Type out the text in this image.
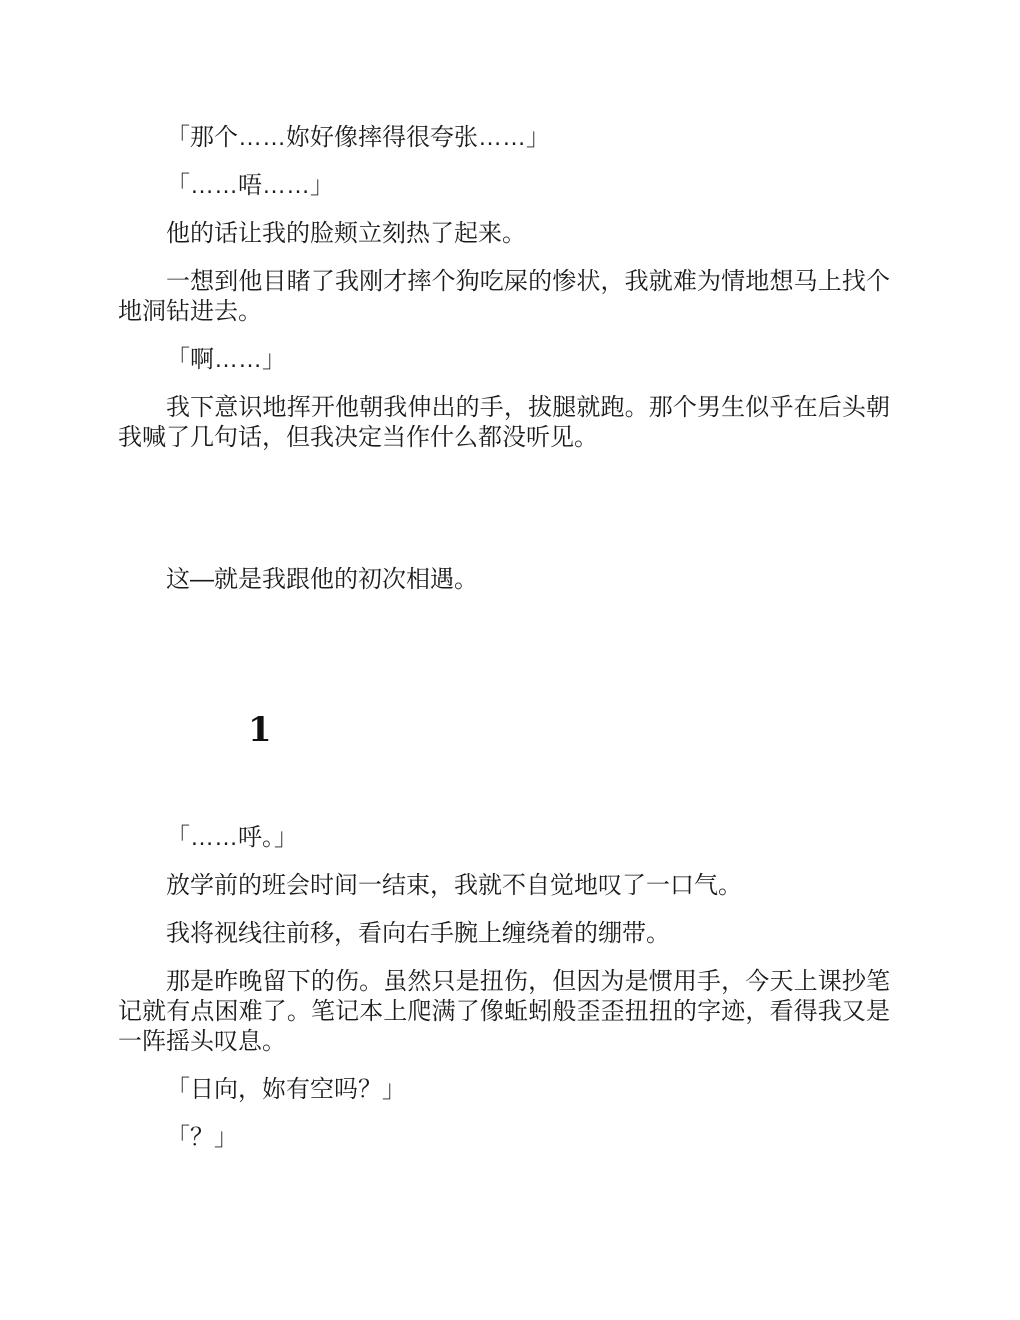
「那个……妳好像摔得很夸张……」

「……唔……」

他的话让我的脸颊立刻热了起来。

一想到他目睹了我刚才摔个狗吃屎的惨状，我就难为情地想马上找个地洞钻进去。

「啊……」

我下意识地挥开他朝我伸出的手，拔腿就跑。那个男生似乎在后头朝我喊了几句话，但我决定当作什么都没听见。

这—就是我跟他的初次相遇。

1

「……呼。」

放学前的班会时间一结束，我就不自觉地叹了一口气。

我将视线往前移，看向右手腕上缠绕着的绷带。

那是昨晚留下的伤。虽然只是扭伤，但因为是惯用手，今天上课抄笔记就有点困难了。笔记本上爬满了像蚯蚓般歪歪扭扭的字迹，看得我又是一阵摇头叹息。

「日向，妳有空吗？」

「？」
